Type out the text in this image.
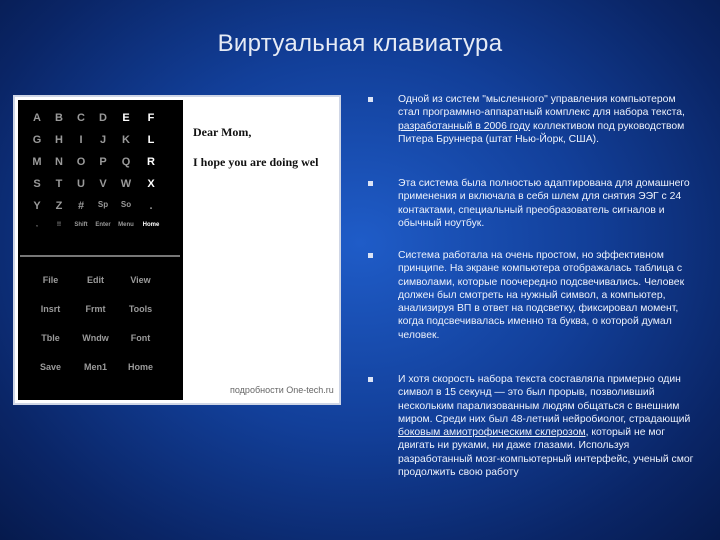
Виртуальная клавиатура
A	B	C	D	E	F
G	H	I	J	K	L
M	N	O	P	Q	R
S	T	U	V	W	X
Y	Z	#	Sp	So	.
,	!!	Shift	Enter	Menu	Home
File	Edit	View
Insrt	Frmt	Tools
Tble	Wndw	Font
Save	Men1	Home
Dear Mom,
I hope you are doing wel
подробности One-tech.ru
Одной из систем "мысленного" управления компьютером стал программно-аппаратный комплекс для набора текста, разработанный в 2006 году коллективом под руководством Питера Бруннера (штат Нью-Йорк, США).
Эта система была полностью адаптирована для домашнего применения и включала в себя шлем для снятия ЭЭГ с 24 контактами, специальный преобразователь сигналов и обычный ноутбук.
Система работала на очень простом, но эффективном принципе. На экране компьютера отображалась таблица с символами, которые поочередно подсвечивались. Человек должен был смотреть на нужный символ, а компьютер, анализируя ВП в ответ на подсветку, фиксировал момент, когда подсвечивалась именно та буква, о которой думал человек.
И хотя скорость набора текста составляла примерно один символ в 15 секунд — это был прорыв, позволивший нескольким парализованным людям общаться с внешним миром. Среди них был 48-летний нейробиолог, страдающий боковым амиотрофическим склерозом, который не мог двигать ни руками, ни даже глазами. Используя разработанный мозг-компьютерный интерфейс, ученый смог продолжить свою работу
